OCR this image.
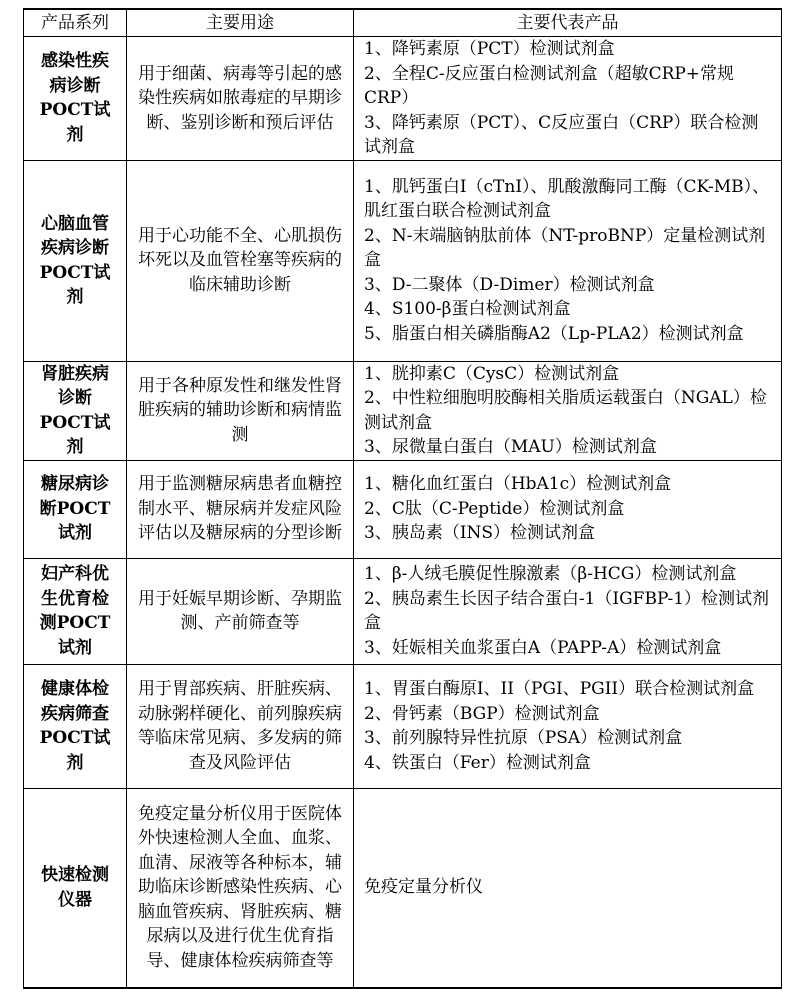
产品系列	主要用途	主要代表产品
感染性疾病诊断POCT试剂	用于细菌、病毒等引起的感染性疾病如脓毒症的早期诊断、鉴别诊断和预后评估	1、降钙素原（PCT）检测试剂盒
2、全程C-反应蛋白检测试剂盒（超敏CRP+常规CRP）
3、降钙素原（PCT）、C反应蛋白（CRP）联合检测试剂盒

心脑血管疾病诊断POCT试剂	用于心功能不全、心肌损伤坏死以及血管栓塞等疾病的临床辅助诊断	1、肌钙蛋白I（cTnI）、肌酸激酶同工酶（CK-MB）、肌红蛋白联合检测试剂盒
2、N-末端脑钠肽前体（NT-proBNP）定量检测试剂盒
3、D-二聚体（D-Dimer）检测试剂盒
4、S100-β蛋白检测试剂盒
5、脂蛋白相关磷脂酶A2（Lp-PLA2）检测试剂盒

肾脏疾病诊断POCT试剂	用于各种原发性和继发性肾脏疾病的辅助诊断和病情监测	1、胱抑素C（CysC）检测试剂盒
2、中性粒细胞明胶酶相关脂质运载蛋白（NGAL）检测试剂盒
3、尿微量白蛋白（MAU）检测试剂盒

糖尿病诊断POCT试剂	用于监测糖尿病患者血糖控制水平、糖尿病并发症风险评估以及糖尿病的分型诊断	1、糖化血红蛋白（HbA1c）检测试剂盒
2、C肽（C-Peptide）检测试剂盒
3、胰岛素（INS）检测试剂盒

妇产科优生优育检测POCT试剂	用于妊娠早期诊断、孕期监测、产前筛查等	1、β-人绒毛膜促性腺激素（β-HCG）检测试剂盒
2、胰岛素生长因子结合蛋白-1（IGFBP-1）检测试剂盒
3、妊娠相关血浆蛋白A（PAPP-A）检测试剂盒

健康体检疾病筛查POCT试剂	用于胃部疾病、肝脏疾病、动脉粥样硬化、前列腺疾病等临床常见病、多发病的筛查及风险评估	1、胃蛋白酶原I、II（PGI、PGII）联合检测试剂盒
2、骨钙素（BGP）检测试剂盒
3、前列腺特异性抗原（PSA）检测试剂盒
4、铁蛋白（Fer）检测试剂盒

快速检测仪器	免疫定量分析仪用于医院体外快速检测人全血、血浆、血清、尿液等各种标本，辅助临床诊断感染性疾病、心脑血管疾病、肾脏疾病、糖尿病以及进行优生优育指导、健康体检疾病筛查等	免疫定量分析仪
